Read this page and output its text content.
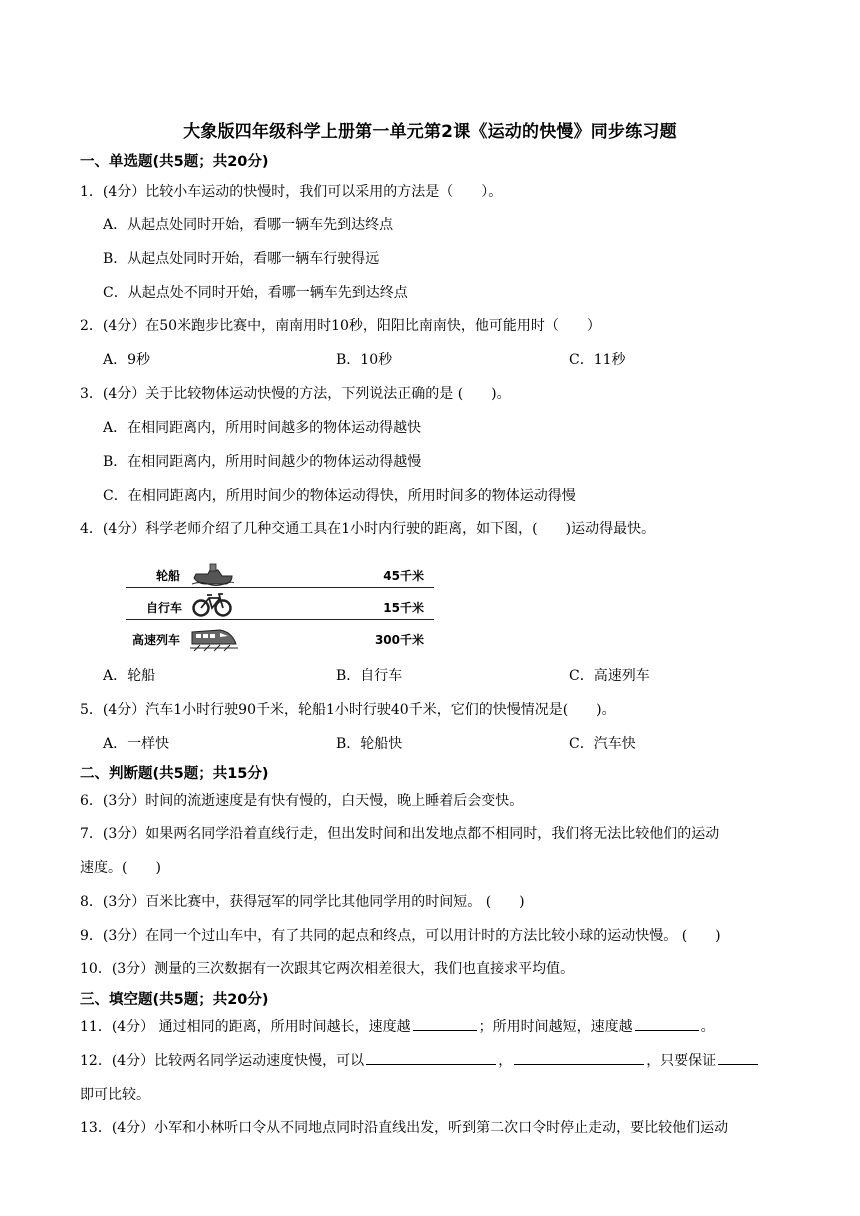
大象版四年级科学上册第一单元第2课《运动的快慢》同步练习题
一、单选题(共5题；共20分)
1．(4分）比较小车运动的快慢时，我们可以采用的方法是（　　）。
A．从起点处同时开始，看哪一辆车先到达终点
B．从起点处同时开始，看哪一辆车行驶得远
C．从起点处不同时开始，看哪一辆车先到达终点
2．(4分）在50米跑步比赛中，南南用时10秒，阳阳比南南快，他可能用时（　　）
A．9秒	B．10秒	C．11秒
3．(4分）关于比较物体运动快慢的方法，下列说法正确的是 (　　)。
A．在相同距离内，所用时间越多的物体运动得越快
B．在相同距离内，所用时间越少的物体运动得越慢
C．在相同距离内，所用时间少的物体运动得快，所用时间多的物体运动得慢
4．(4分）科学老师介绍了几种交通工具在1小时内行驶的距离，如下图，(　　)运动得最快。
轮船	45千米
自行车	15千米
高速列车	300千米
A．轮船	B．自行车	C．高速列车
5．(4分）汽车1小时行驶90千米，轮船1小时行驶40千米，它们的快慢情况是(　　)。
A．一样快	B．轮船快	C．汽车快
二、判断题(共5题；共15分)
6．(3分）时间的流逝速度是有快有慢的，白天慢，晚上睡着后会变快。
7．(3分）如果两名同学沿着直线行走，但出发时间和出发地点都不相同时，我们将无法比较他们的运动
速度。(　　)
8．(3分）百米比赛中，获得冠军的同学比其他同学用的时间短。 (　　)
9．(3分）在同一个过山车中，有了共同的起点和终点，可以用计时的方法比较小球的运动快慢。 (　　)
10．(3分）测量的三次数据有一次跟其它两次相差很大，我们也直接求平均值。
三、填空题(共5题；共20分)
11．(4分） 通过相同的距离，所用时间越长，速度越	；所用时间越短，速度越	。
12．(4分）比较两名同学运动速度快慢，可以	，	，只要保证
即可比较。
13．(4分）小军和小林听口令从不同地点同时沿直线出发，听到第二次口令时停止走动，要比较他们运动
